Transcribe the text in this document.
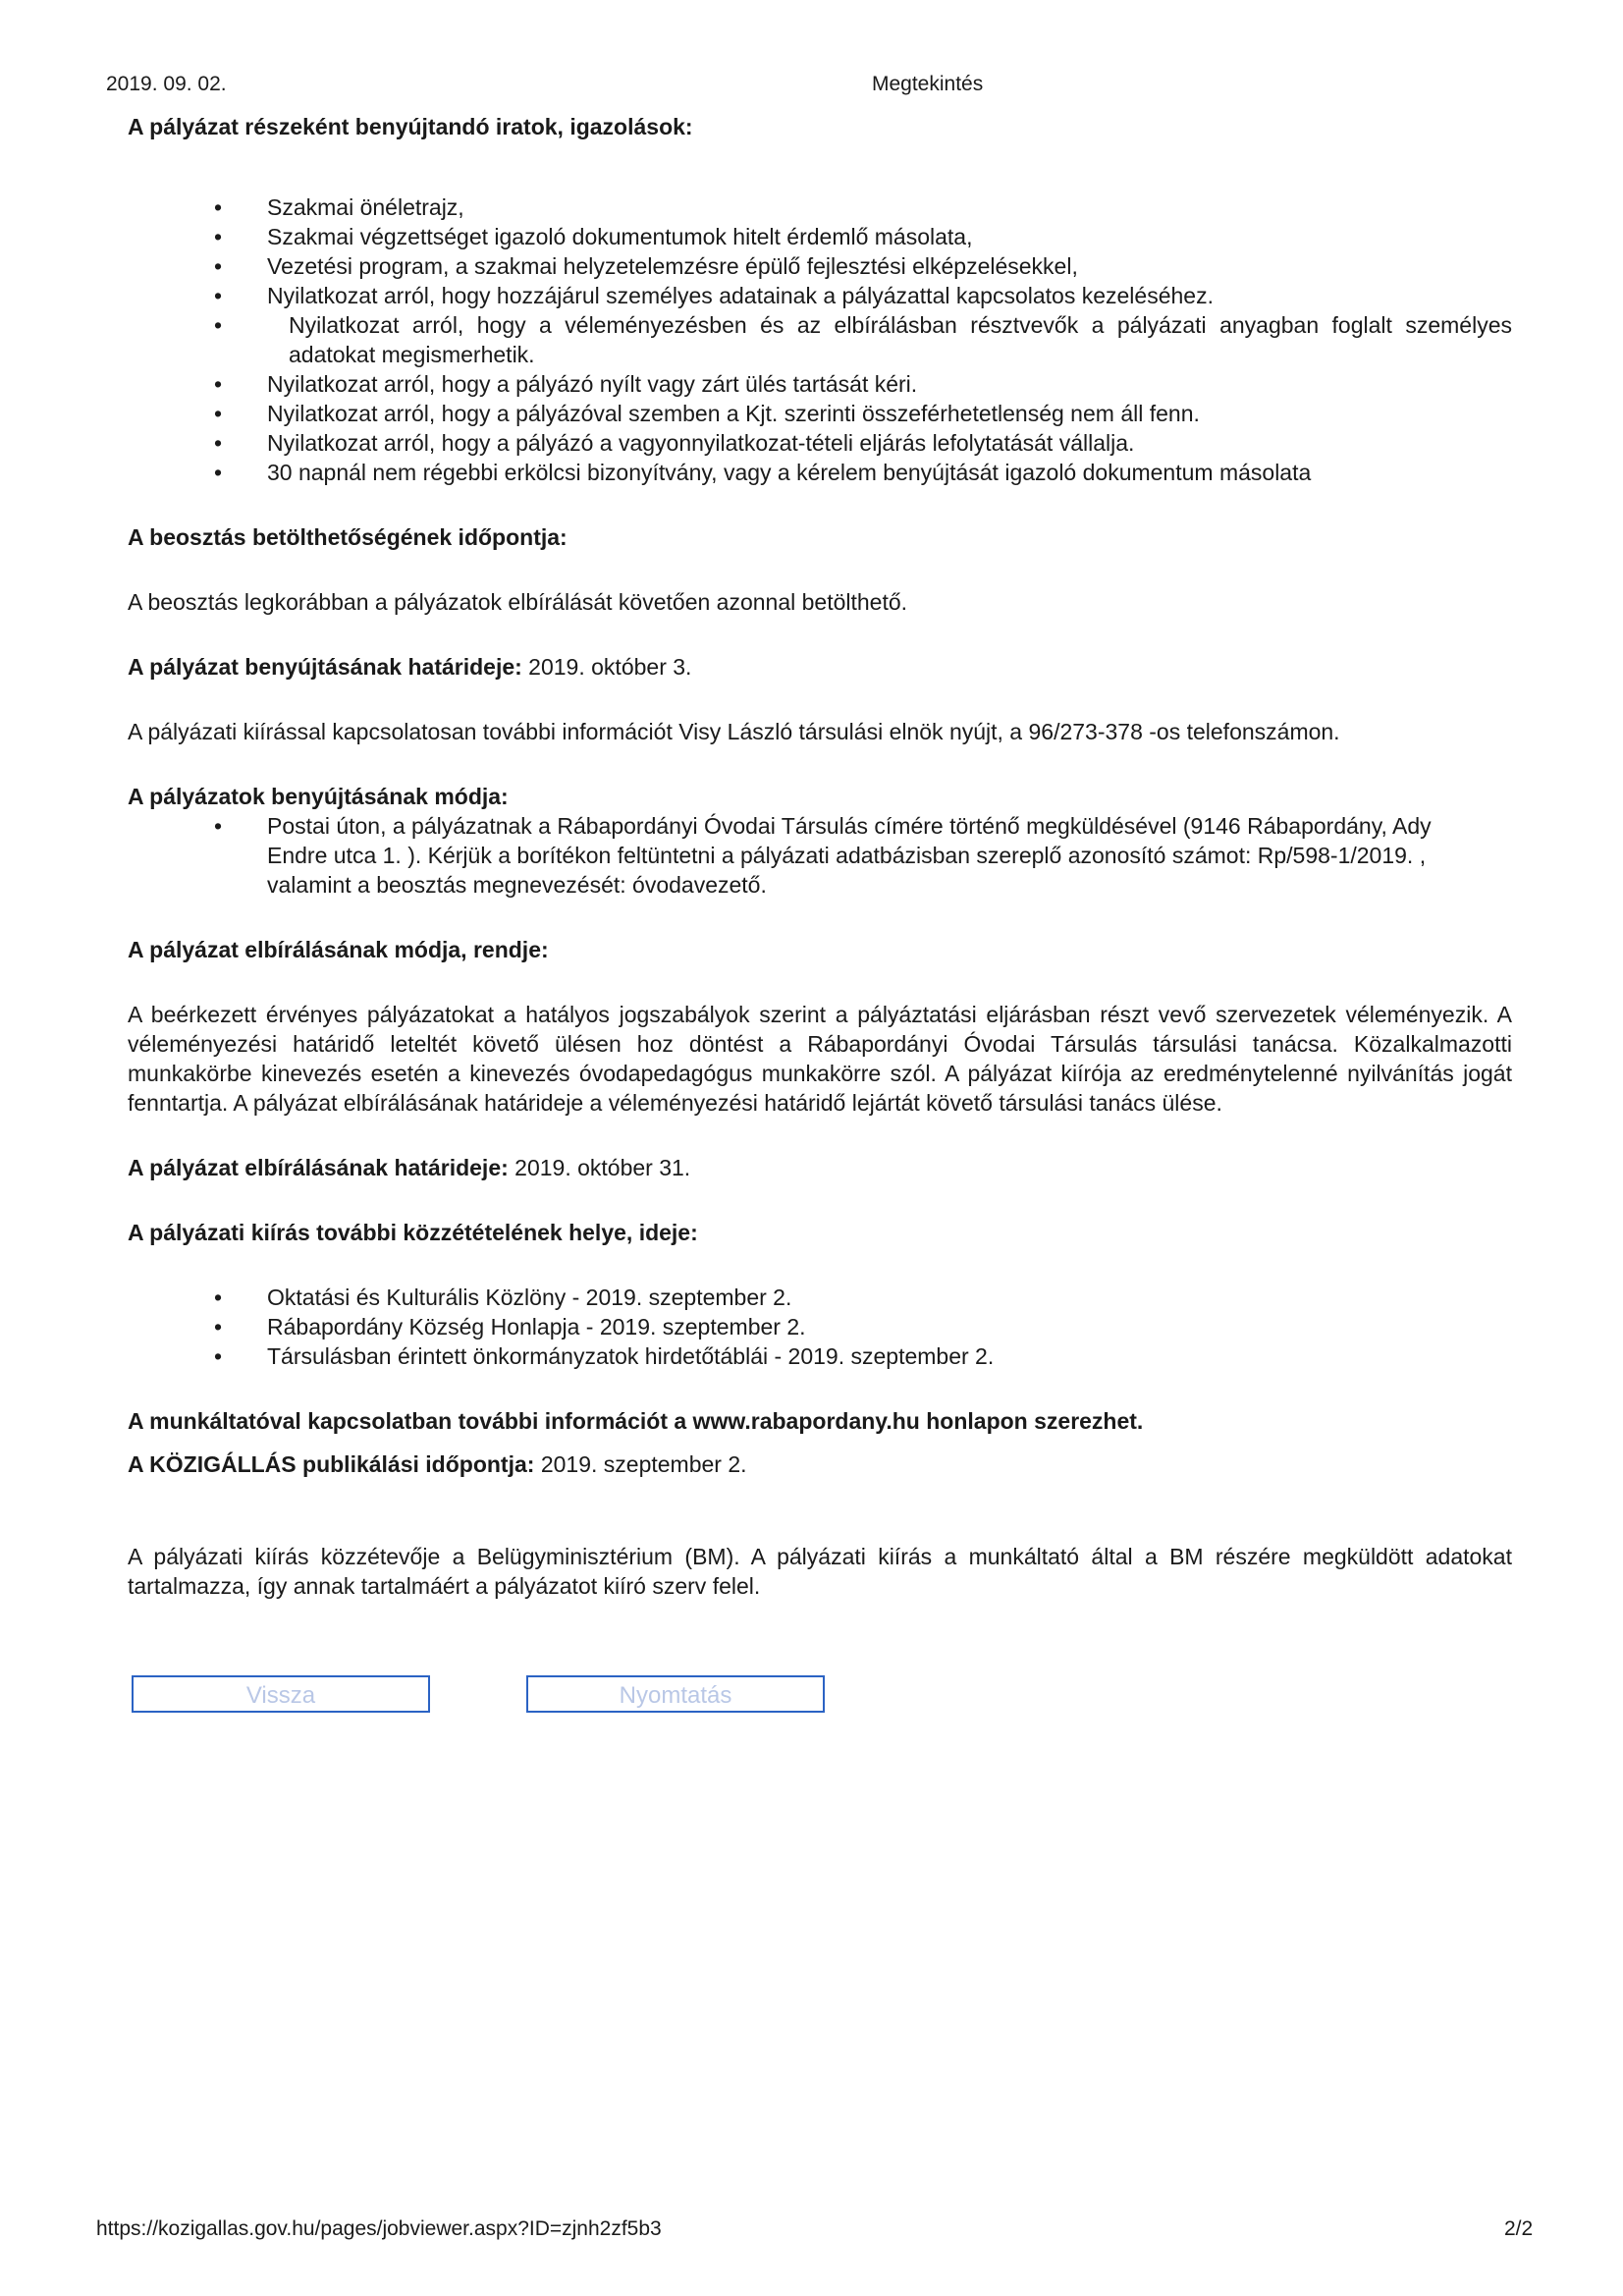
2019. 09. 02.	Megtekintés
A pályázat részeként benyújtandó iratok, igazolások:
• Szakmai önéletrajz,
• Szakmai végzettséget igazoló dokumentumok hitelt érdemlő másolata,
• Vezetési program, a szakmai helyzetelemzésre épülő fejlesztési elképzelésekkel,
• Nyilatkozat arról, hogy hozzájárul személyes adatainak a pályázattal kapcsolatos kezeléséhez.
• Nyilatkozat arról, hogy a véleményezésben és az elbírálásban résztvevők a pályázati anyagban foglalt személyes adatokat megismerhetik.
• Nyilatkozat arról, hogy a pályázó nyílt vagy zárt ülés tartását kéri.
• Nyilatkozat arról, hogy a pályázóval szemben a Kjt. szerinti összeférhetetlenség nem áll fenn.
• Nyilatkozat arról, hogy a pályázó a vagyonnyilatkozat-tételi eljárás lefolytatását vállalja.
• 30 napnál nem régebbi erkölcsi bizonyítvány, vagy a kérelem benyújtását igazoló dokumentum másolata
A beosztás betölthetőségének időpontja:

A beosztás legkorábban a pályázatok elbírálását követően azonnal betölthető.

A pályázat benyújtásának határideje: 2019. október 3.

A pályázati kiírással kapcsolatosan további információt Visy László társulási elnök nyújt, a 96/273-378 -os telefonszámon.

A pályázatok benyújtásának módja:
• Postai úton, a pályázatnak a Rábapordányi Óvodai Társulás címére történő megküldésével (9146 Rábapordány, Ady Endre utca 1. ). Kérjük a borítékon feltüntetni a pályázati adatbázisban szereplő azonosító számot: Rp/598-1/2019. , valamint a beosztás megnevezését: óvodavezető.
A pályázat elbírálásának módja, rendje:

A beérkezett érvényes pályázatokat a hatályos jogszabályok szerint a pályáztatási eljárásban részt vevő szervezetek véleményezik. A véleményezési határidő leteltét követő ülésen hoz döntést a Rábapordányi Óvodai Társulás társulási tanácsa. Közalkalmazotti munkakörbe kinevezés esetén a kinevezés óvodapedagógus munkakörre szól. A pályázat kiírója az eredménytelenné nyilvánítás jogát fenntartja. A pályázat elbírálásának határideje a véleményezési határidő lejártát követő társulási tanács ülése.

A pályázat elbírálásának határideje: 2019. október 31.

A pályázati kiírás további közzétételének helye, ideje:
• Oktatási és Kulturális Közlöny - 2019. szeptember 2.
• Rábapordány Község Honlapja - 2019. szeptember 2.
• Társulásban érintett önkormányzatok hirdetőtáblái - 2019. szeptember 2.
A munkáltatóval kapcsolatban további információt a www.rabapordany.hu honlapon szerezhet.

A KÖZIGÁLLÁS publikálási időpontja: 2019. szeptember 2.

A pályázati kiírás közzétevője a Belügyminisztérium (BM). A pályázati kiírás a munkáltató által a BM részére megküldött adatokat tartalmazza, így annak tartalmáért a pályázatot kiíró szerv felel.

Vissza	Nyomtatás
https://kozigallas.gov.hu/pages/jobviewer.aspx?ID=zjnh2zf5b3	2/2
